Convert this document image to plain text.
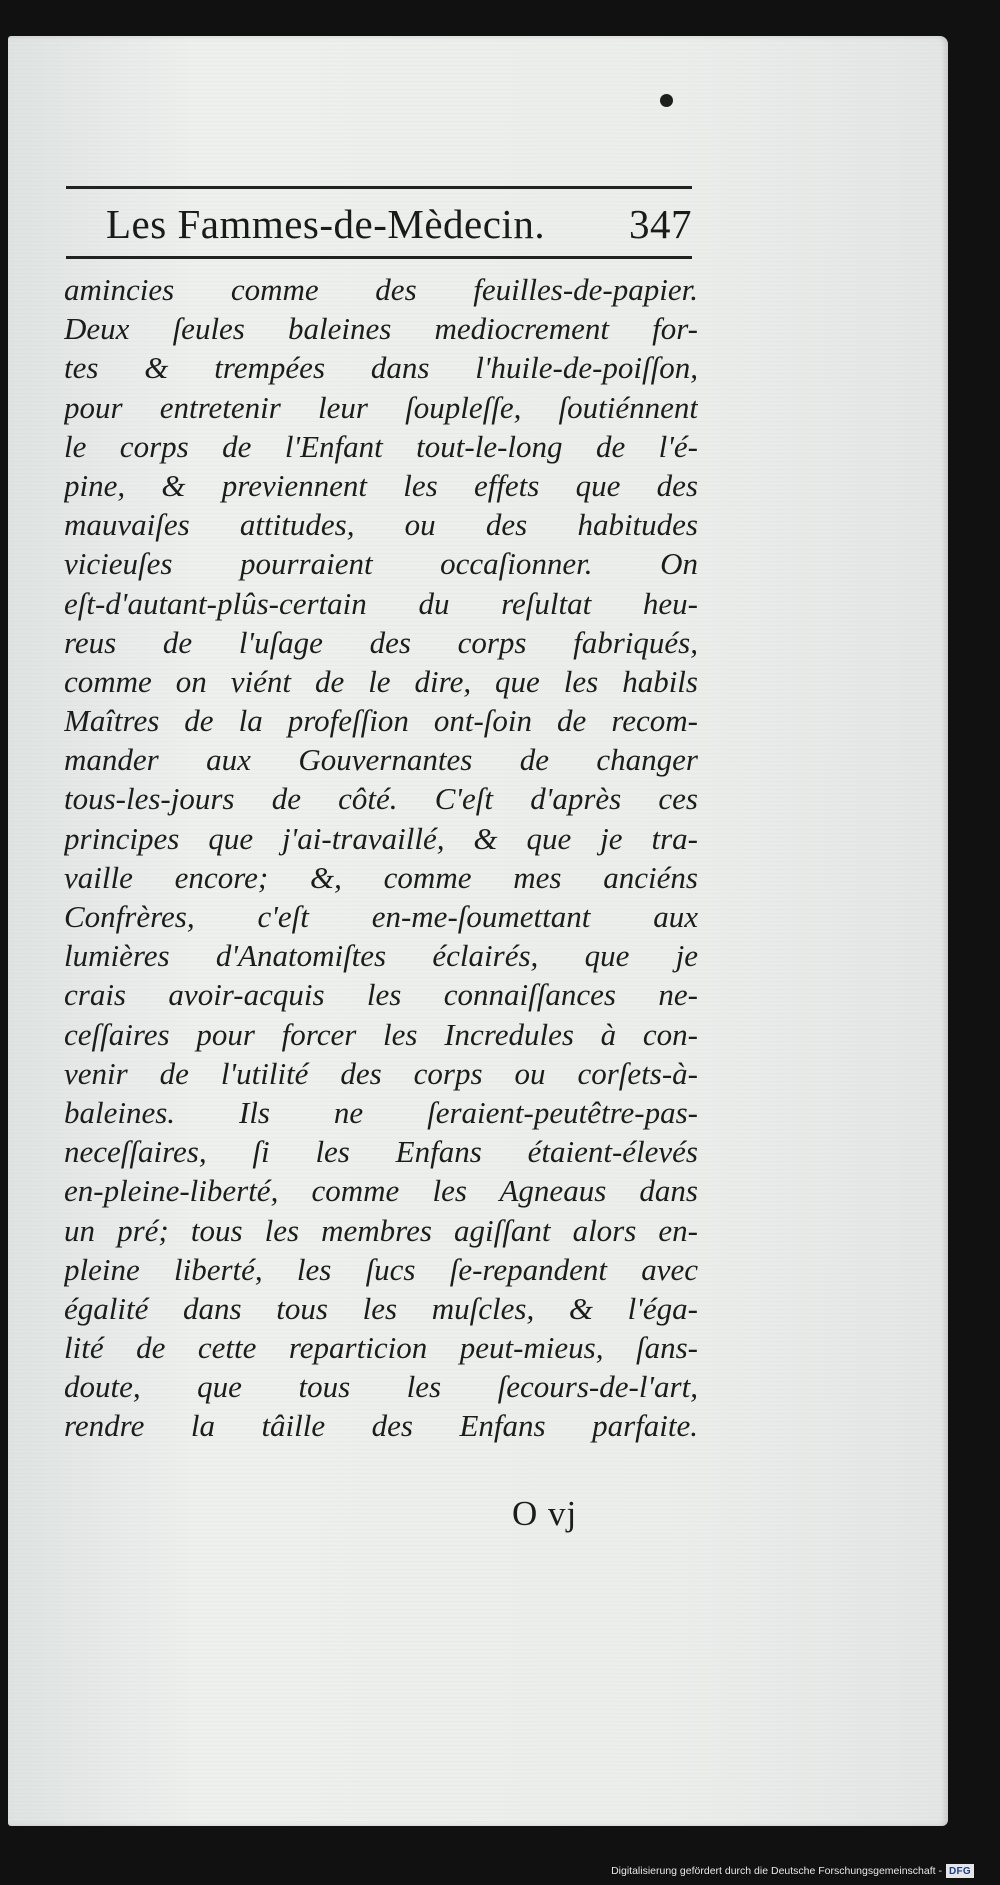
Les Fammes-de-Mèdecin. 347
amincies comme des feuilles-de-papier.
Deux ſeules baleines mediocrement for-
tes & trempées dans l'huile-de-poiſſon,
pour entretenir leur ſoupleſſe, ſoutiénnent
le corps de l'Enfant tout-le-long de l'é-
pine, & previennent les effets que des
mauvaiſes attitudes, ou des habitudes
vicieuſes pourraient occaſionner. On
eſt-d'autant-plûs-certain du reſultat heu-
reus de l'uſage des corps fabriqués,
comme on viént de le dire, que les habils
Maîtres de la profeſſion ont-ſoin de recom-
mander aux Gouvernantes de changer
tous-les-jours de côté. C'eſt d'après ces
principes que j'ai-travaillé, & que je tra-
vaille encore; &, comme mes anciéns
Confrères, c'eſt en-me-ſoumettant aux
lumières d'Anatomiſtes éclairés, que je
crais avoir-acquis les connaiſſances ne-
ceſſaires pour forcer les Incredules à con-
venir de l'utilité des corps ou corſets-à-
baleines. Ils ne ſeraient-peutêtre-pas-
neceſſaires, ſi les Enfans étaient-élevés
en-pleine-liberté, comme les Agneaus dans
un pré; tous les membres agiſſant alors en-
pleine liberté, les ſucs ſe-repandent avec
égalité dans tous les muſcles, & l'éga-
lité de cette reparticion peut-mieus, ſans-
doute, que tous les ſecours-de-l'art,
rendre la tâille des Enfans parfaite.
O vj
Digitalisierung gefördert durch die Deutsche Forschungsgemeinschaft - DFG
